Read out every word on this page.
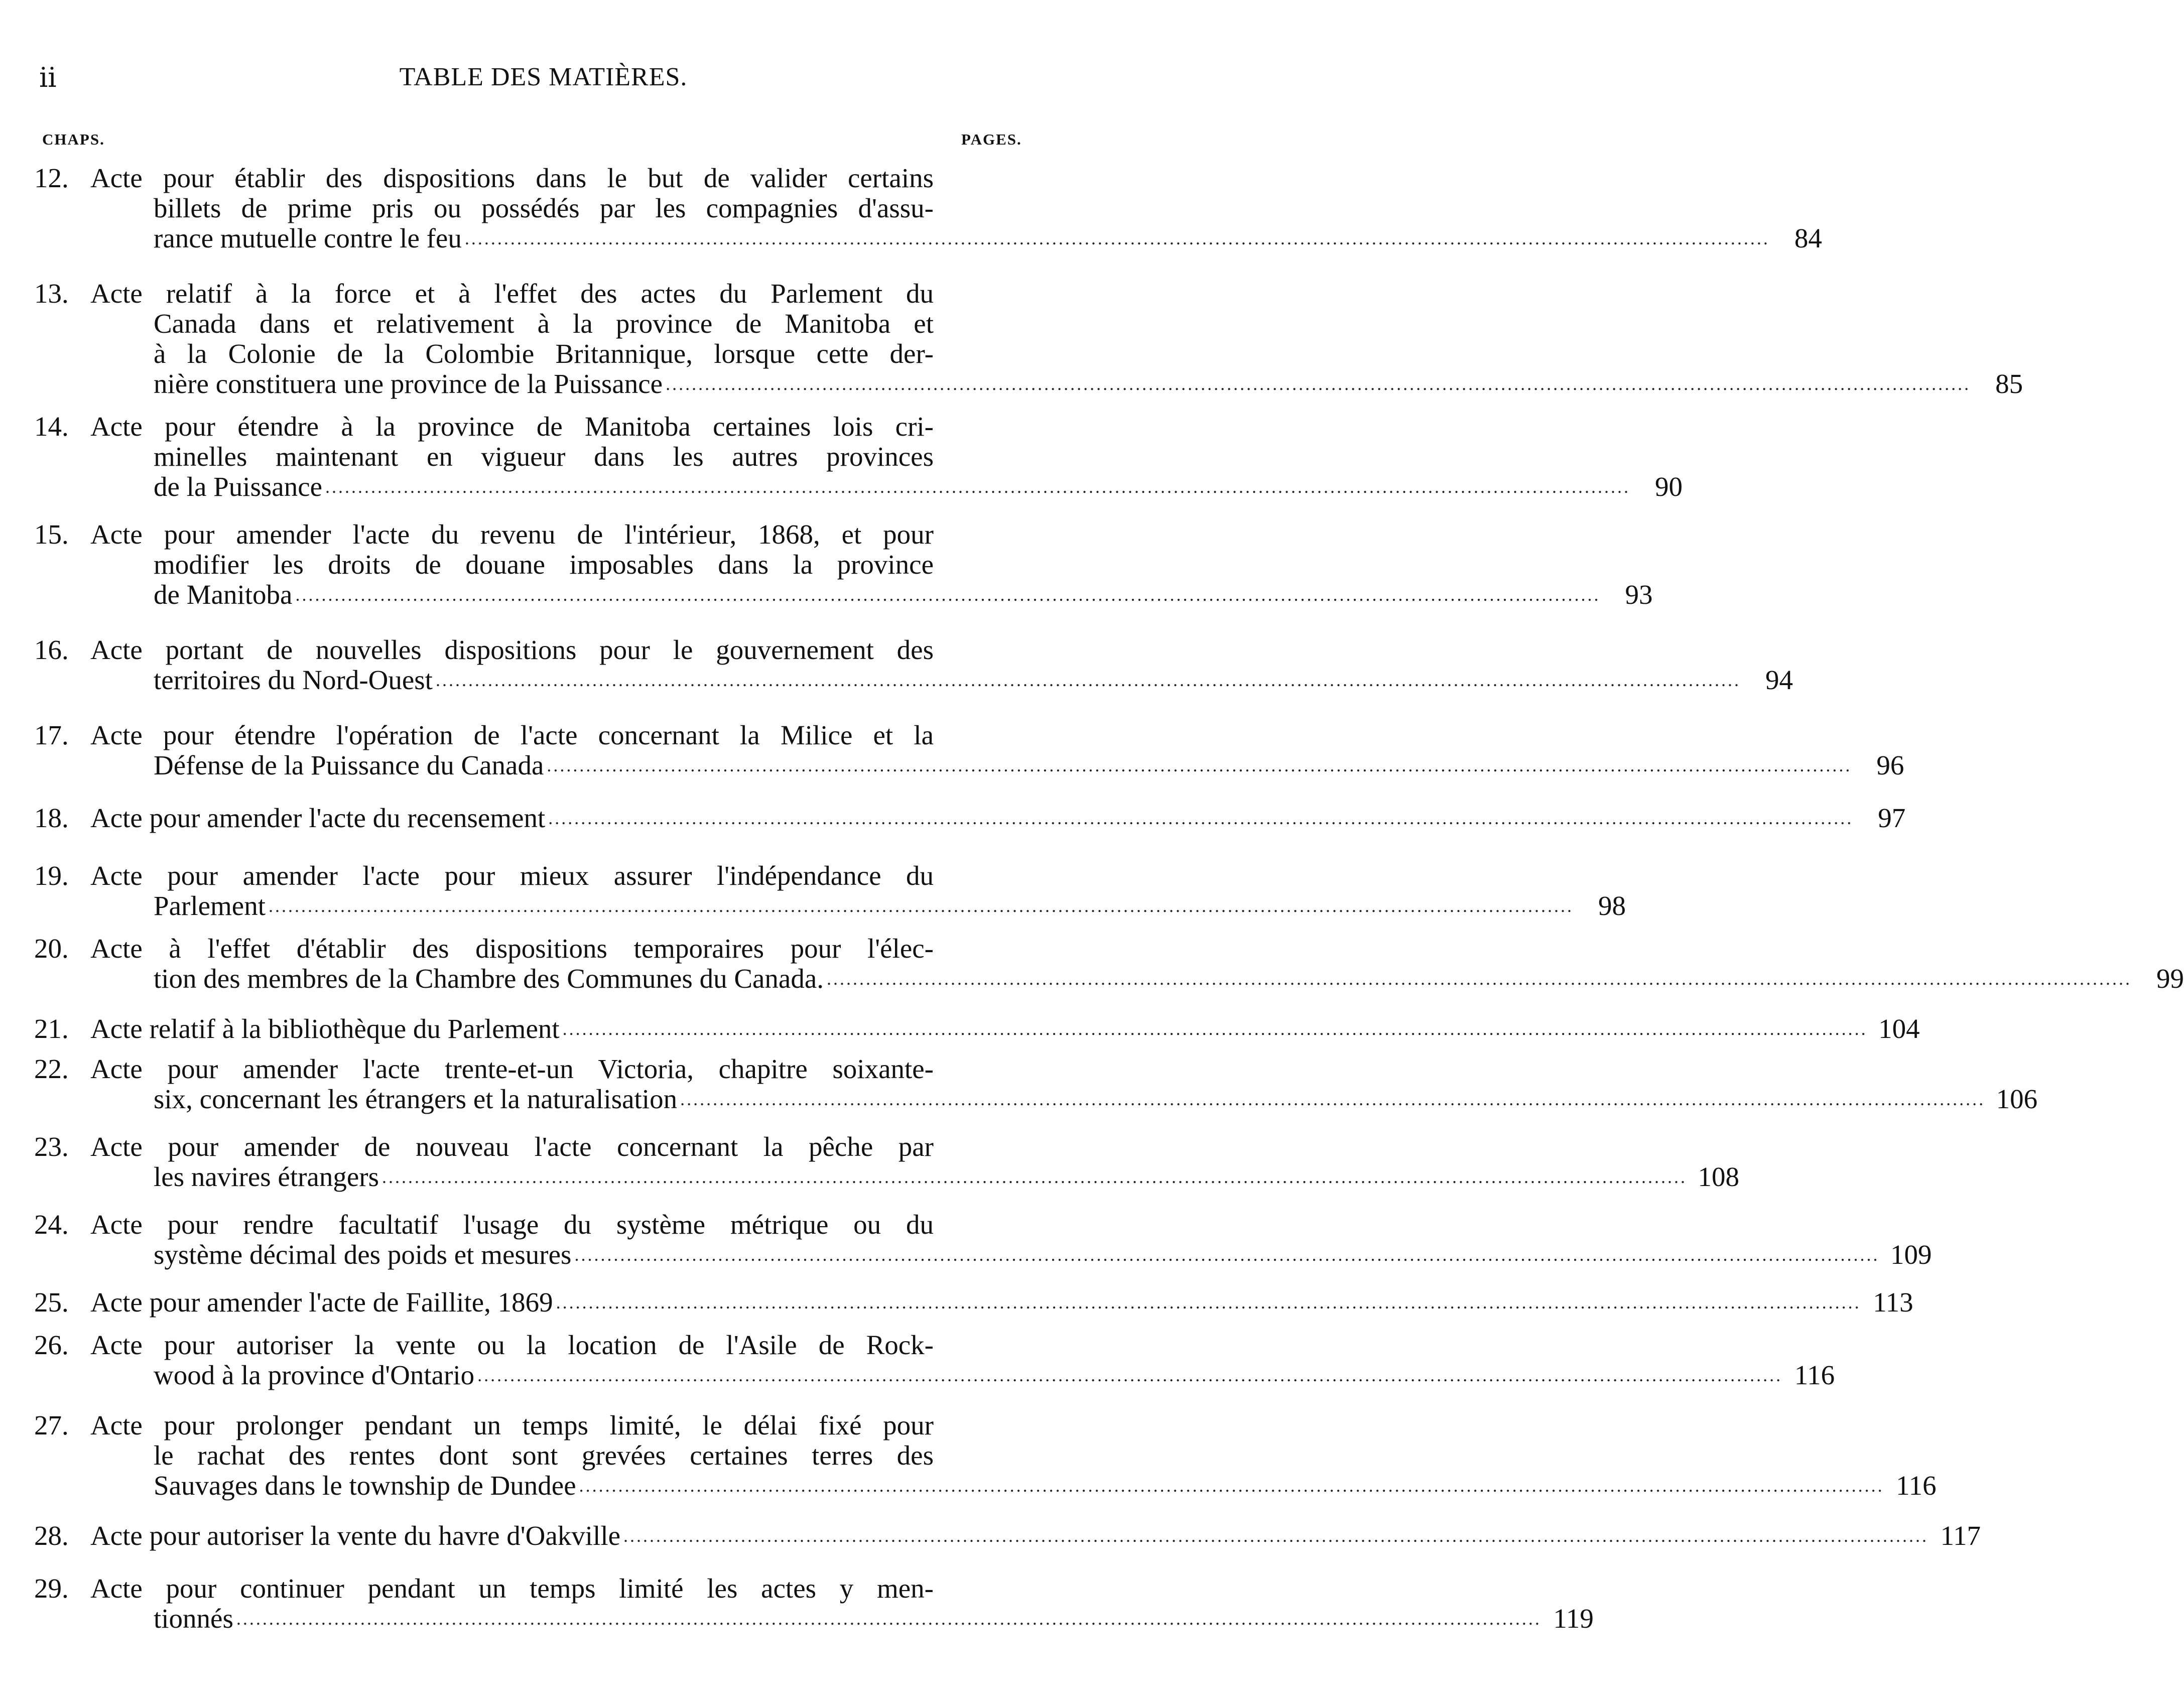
ii	TABLE DES MATIÈRES.
CHAPS.	PAGES.
12. Acte pour établir des dispositions dans le but de valider certains
billets de prime pris ou possédés par les compagnies d'assu-
rance mutuelle contre le feu ........................................................................................................................................................................................................ 84
13. Acte relatif à la force et à l'effet des actes du Parlement du
Canada dans et relativement à la province de Manitoba et
à la Colonie de la Colombie Britannique, lorsque cette der-
nière constituera une province de la Puissance ........................................................................................................................................................................................................ 85
14. Acte pour étendre à la province de Manitoba certaines lois cri-
minelles maintenant en vigueur dans les autres provinces
de la Puissance ........................................................................................................................................................................................................ 90
15. Acte pour amender l'acte du revenu de l'intérieur, 1868, et pour
modifier les droits de douane imposables dans la province
de Manitoba ........................................................................................................................................................................................................ 93
16. Acte portant de nouvelles dispositions pour le gouvernement des
territoires du Nord-Ouest ........................................................................................................................................................................................................ 94
17. Acte pour étendre l'opération de l'acte concernant la Milice et la
Défense de la Puissance du Canada ........................................................................................................................................................................................................ 96
18. Acte pour amender l'acte du recensement ........................................................................................................................................................................................................ 97
19. Acte pour amender l'acte pour mieux assurer l'indépendance du
Parlement ........................................................................................................................................................................................................ 98
20. Acte à l'effet d'établir des dispositions temporaires pour l'élec-
tion des membres de la Chambre des Communes du Canada. ........................................................................................................................................................................................................ 99
21. Acte relatif à la bibliothèque du Parlement ........................................................................................................................................................................................................ 104
22. Acte pour amender l'acte trente-et-un Victoria, chapitre soixante-
six, concernant les étrangers et la naturalisation ........................................................................................................................................................................................................ 106
23. Acte pour amender de nouveau l'acte concernant la pêche par
les navires étrangers ........................................................................................................................................................................................................ 108
24. Acte pour rendre facultatif l'usage du système métrique ou du
système décimal des poids et mesures ........................................................................................................................................................................................................ 109
25. Acte pour amender l'acte de Faillite, 1869 ........................................................................................................................................................................................................ 113
26. Acte pour autoriser la vente ou la location de l'Asile de Rock-
wood à la province d'Ontario ........................................................................................................................................................................................................ 116
27. Acte pour prolonger pendant un temps limité, le délai fixé pour
le rachat des rentes dont sont grevées certaines terres des
Sauvages dans le township de Dundee ........................................................................................................................................................................................................ 116
28. Acte pour autoriser la vente du havre d'Oakville ........................................................................................................................................................................................................ 117
29. Acte pour continuer pendant un temps limité les actes y men-
tionnés ........................................................................................................................................................................................................ 119
